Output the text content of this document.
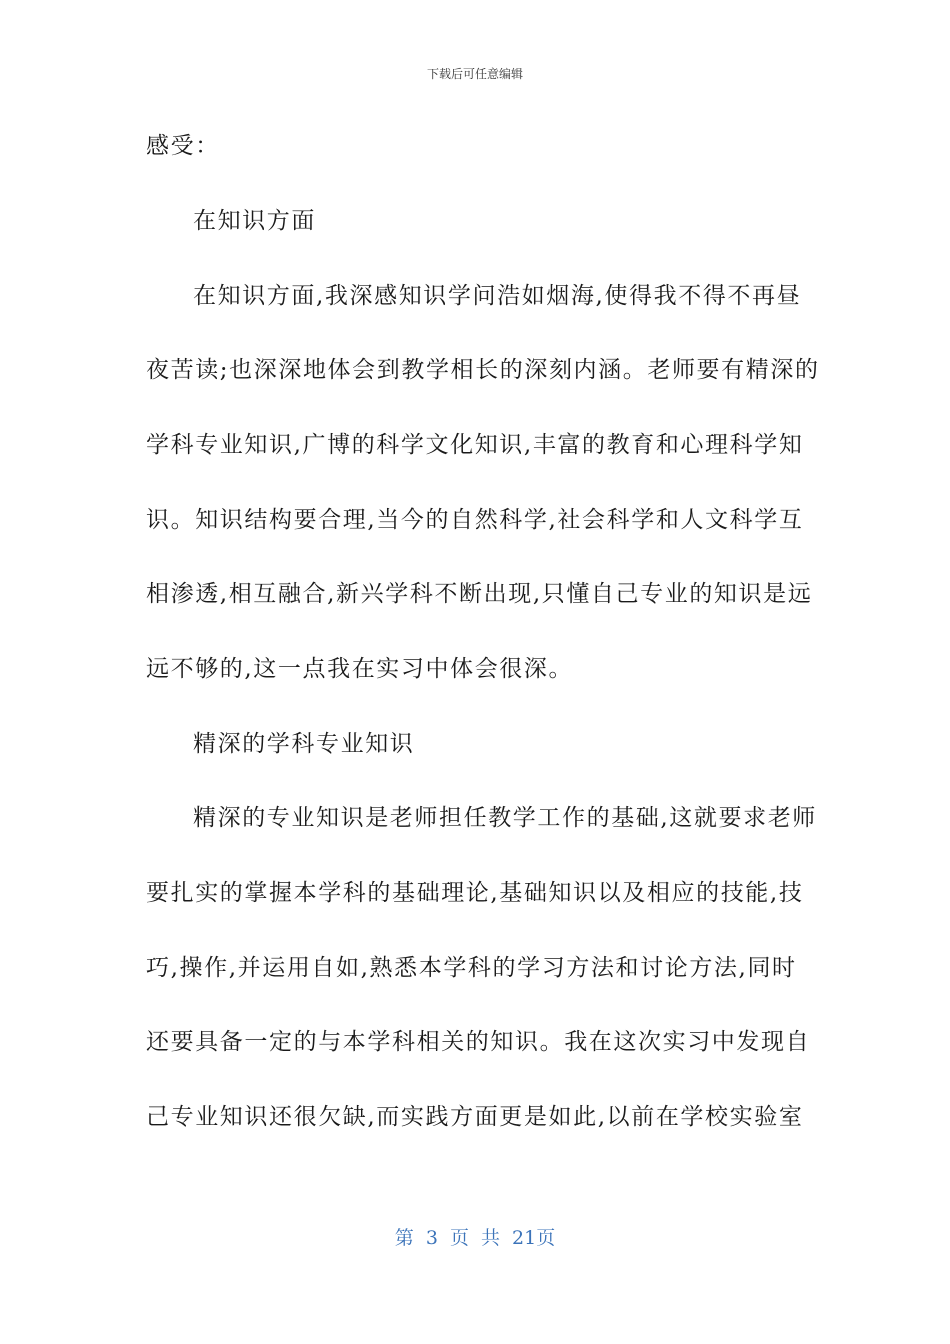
下载后可任意编辑
感受：
在知识方面
在知识方面,我深感知识学问浩如烟海,使得我不得不再昼
夜苦读;也深深地体会到教学相长的深刻内涵。老师要有精深的
学科专业知识,广博的科学文化知识,丰富的教育和心理科学知
识。知识结构要合理,当今的自然科学,社会科学和人文科学互
相渗透,相互融合,新兴学科不断出现,只懂自己专业的知识是远
远不够的,这一点我在实习中体会很深。
精深的学科专业知识
精深的专业知识是老师担任教学工作的基础,这就要求老师
要扎实的掌握本学科的基础理论,基础知识以及相应的技能,技
巧,操作,并运用自如,熟悉本学科的学习方法和讨论方法,同时
还要具备一定的与本学科相关的知识。我在这次实习中发现自
己专业知识还很欠缺,而实践方面更是如此,以前在学校实验室
第 3 页 共 21页
